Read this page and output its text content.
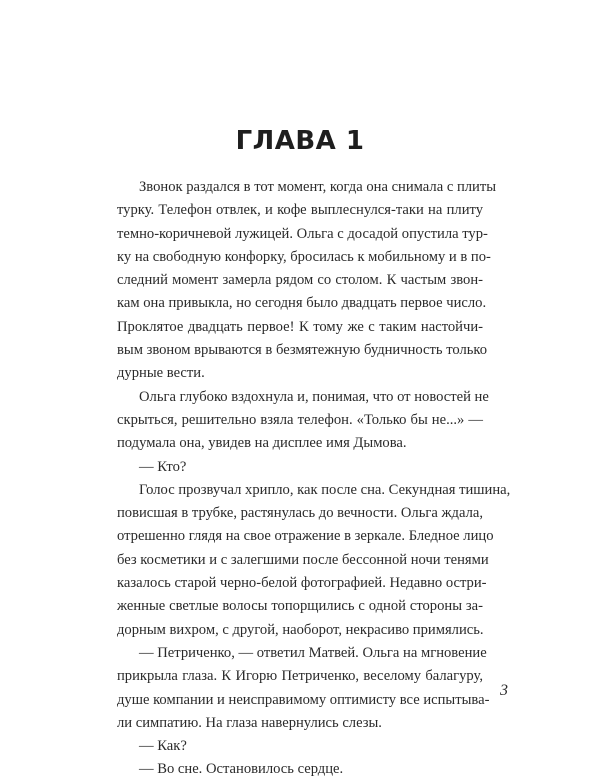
ГЛАВА 1
Звонок раздался в тот момент, когда она снимала с плиты
турку. Телефон отвлек, и кофе выплеснулся-таки на плиту
темно-коричневой лужицей. Ольга с досадой опустила тур-
ку на свободную конфорку, бросилась к мобильному и в по-
следний момент замерла рядом со столом. К частым звон-
кам она привыкла, но сегодня было двадцать первое число.
Проклятое двадцать первое! К тому же с таким настойчи-
вым звоном врываются в безмятежную будничность только
дурные вести.
Ольга глубоко вздохнула и, понимая, что от новостей не
скрыться, решительно взяла телефон. «Только бы не...» —
подумала она, увидев на дисплее имя Дымова.
— Кто?
Голос прозвучал хрипло, как после сна. Секундная тишина,
повисшая в трубке, растянулась до вечности. Ольга ждала,
отрешенно глядя на свое отражение в зеркале. Бледное лицо
без косметики и с залегшими после бессонной ночи тенями
казалось старой черно-белой фотографией. Недавно остри-
женные светлые волосы топорщились с одной стороны за-
дорным вихром, с другой, наоборот, некрасиво примялись.
— Петриченко, — ответил Матвей. Ольга на мгновение
прикрыла глаза. К Игорю Петриченко, веселому балагуру,
душе компании и неисправимому оптимисту все испытыва-
ли симпатию. На глаза навернулись слезы.
— Как?
— Во сне. Остановилось сердце.
3
